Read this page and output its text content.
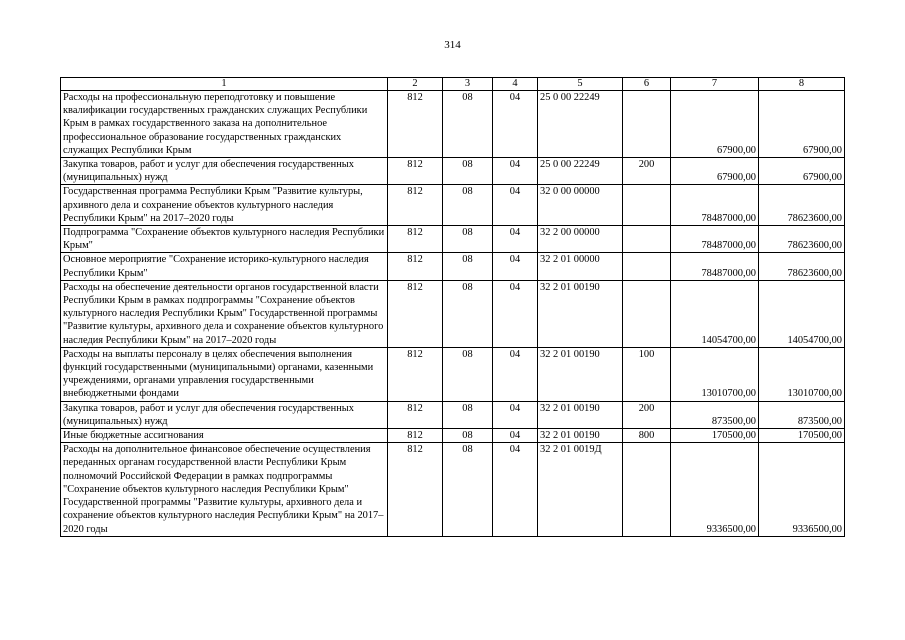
314
1	2	3	4	5	6	7	8
Расходы на профессиональную переподготовку и повышение квалификации государственных гражданских служащих Республики Крым в рамках государственного заказа на дополнительное профессиональное образование государственных гражданских служащих Республики Крым	812	08	04	25 0 00 22249		67900,00	67900,00
Закупка товаров, работ и услуг для обеспечения государственных (муниципальных) нужд	812	08	04	25 0 00 22249	200	67900,00	67900,00
Государственная программа Республики Крым "Развитие культуры, архивного дела и сохранение объектов культурного наследия Республики Крым" на 2017–2020 годы	812	08	04	32 0 00 00000		78487000,00	78623600,00
Подпрограмма "Сохранение объектов культурного наследия Республики Крым"	812	08	04	32 2 00 00000		78487000,00	78623600,00
Основное мероприятие "Сохранение историко-культурного наследия Республики Крым"	812	08	04	32 2 01 00000		78487000,00	78623600,00
Расходы на обеспечение деятельности органов государственной власти Республики Крым в рамках подпрограммы "Сохранение объектов культурного наследия Республики Крым" Государственной программы "Развитие культуры, архивного дела и сохранение объектов культурного наследия Республики Крым" на 2017–2020 годы	812	08	04	32 2 01 00190		14054700,00	14054700,00
Расходы на выплаты персоналу в целях обеспечения выполнения функций государственными (муниципальными) органами, казенными учреждениями, органами управления государственными внебюджетными фондами	812	08	04	32 2 01 00190	100	13010700,00	13010700,00
Закупка товаров, работ и услуг для обеспечения государственных (муниципальных) нужд	812	08	04	32 2 01 00190	200	873500,00	873500,00
Иные бюджетные ассигнования	812	08	04	32 2 01 00190	800	170500,00	170500,00
Расходы на дополнительное финансовое обеспечение осуществления переданных органам государственной власти Республики Крым полномочий Российской Федерации в рамках подпрограммы "Сохранение объектов культурного наследия Республики Крым" Государственной программы "Развитие культуры, архивного дела и сохранение объектов культурного наследия Республики Крым" на 2017–2020 годы	812	08	04	32 2 01 0019Д		9336500,00	9336500,00
